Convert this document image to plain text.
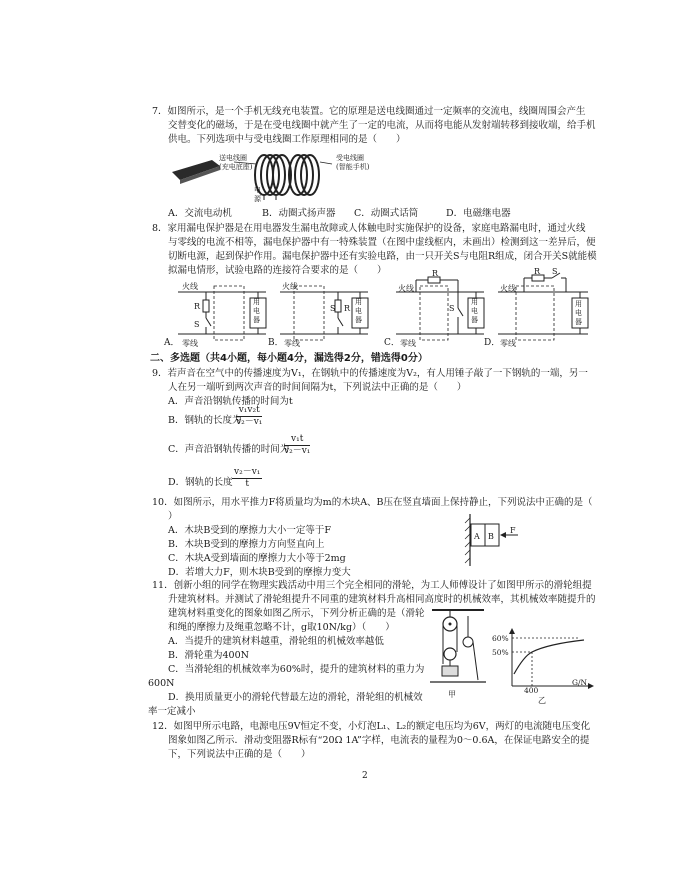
7．如图所示，是一个手机无线充电装置。它的原理是送电线圈通过一定频率的交流电，线圈周围会产生
交替变化的磁场，于是在受电线圈中就产生了一定的电流，从而将电能从发射端转移到接收端，给手机
供电。下列选项中与受电线圈工作原理相同的是（　　）
送电线圈
(充电底座)
受电线圈
(智能手机)
电
源
A．交流电动机	B．动圈式扬声器 C．动圈式话筒	D．电磁继电器
8．家用漏电保护器是在用电器发生漏电故障或人体触电时实施保护的设备，家庭电路漏电时，通过火线
与零线的电流不相等，漏电保护器中有一特殊装置（在图中虚线框内，未画出）检测到这一差异后，便
切断电源，起到保护作用。漏电保护器中还有实验电路，由一只开关S与电阻R组成，闭合开关S就能模
拟漏电情形，试验电路的连接符合要求的是（　　）
火线
R
S
用
电
器
A． 零线
火线
S R
用
电
器
B． 零线
火线
R
S
用
电
器
C． 零线
火线
R S
用
电
器
D． 零线
二、多选题（共4小题，每小题4分，漏选得2分，错选得0分）
9．若声音在空气中的传播速度为V₁，在钢轨中的传播速度为V₂，有人用锤子敲了一下钢轨的一端，另一
人在另一端听到两次声音的时间间隔为t，下列说法中正确的是（　　）
A．声音沿钢轨传播的时间为t
B．钢轨的长度为
$\frac{\text{v₁v₂t}}{\text{v₂－v₁}}$
C．声音沿钢轨传播的时间为
$\frac{\text{v₁t}}{\text{v₂－v₁}}$
D．钢轨的长度 $\frac{\text{v₂－v₁}}{t}$
10．如图所示，用水平推力F将质量均为m的木块A、B压在竖直墙面上保持静止，下列说法中正确的是（
）
A．木块B受到的摩擦力大小一定等于F
B．木块B受到的摩擦力方向竖直向上
C．木块A受到墙面的摩擦力大小等于2mg
D．若增大力F，则木块B受到的摩擦力变大
A B
F
11．创新小组的同学在物理实践活动中用三个完全相同的滑轮，为工人师傅设计了如图甲所示的滑轮组提
升建筑材料。并测试了滑轮组提升不同重的建筑材料升高相同高度时的机械效率，其机械效率随提升的
建筑材料重变化的图象如图乙所示，下列分析正确的是（滑轮
和绳的摩擦力及绳重忽略不计，g取10N/kg）（　　）
A．当提升的建筑材料越重，滑轮组的机械效率越低
B．滑轮重为400N
C．当滑轮组的机械效率为60%时，提升的建筑材料的重力为
600N
D．换用质量更小的滑轮代替最左边的滑轮，滑轮组的机械效
率一定减小
甲
60%
50%
400
G/N
乙
12．如图甲所示电路，电源电压9V恒定不变，小灯泡L₁、L₂的额定电压均为6V，两灯的电流随电压变化
图象如图乙所示．滑动变阻器R标有“20Ω 1A”字样，电流表的量程为0～0.6A，在保证电路安全的提
下，下列说法中正确的是（　　）
2
